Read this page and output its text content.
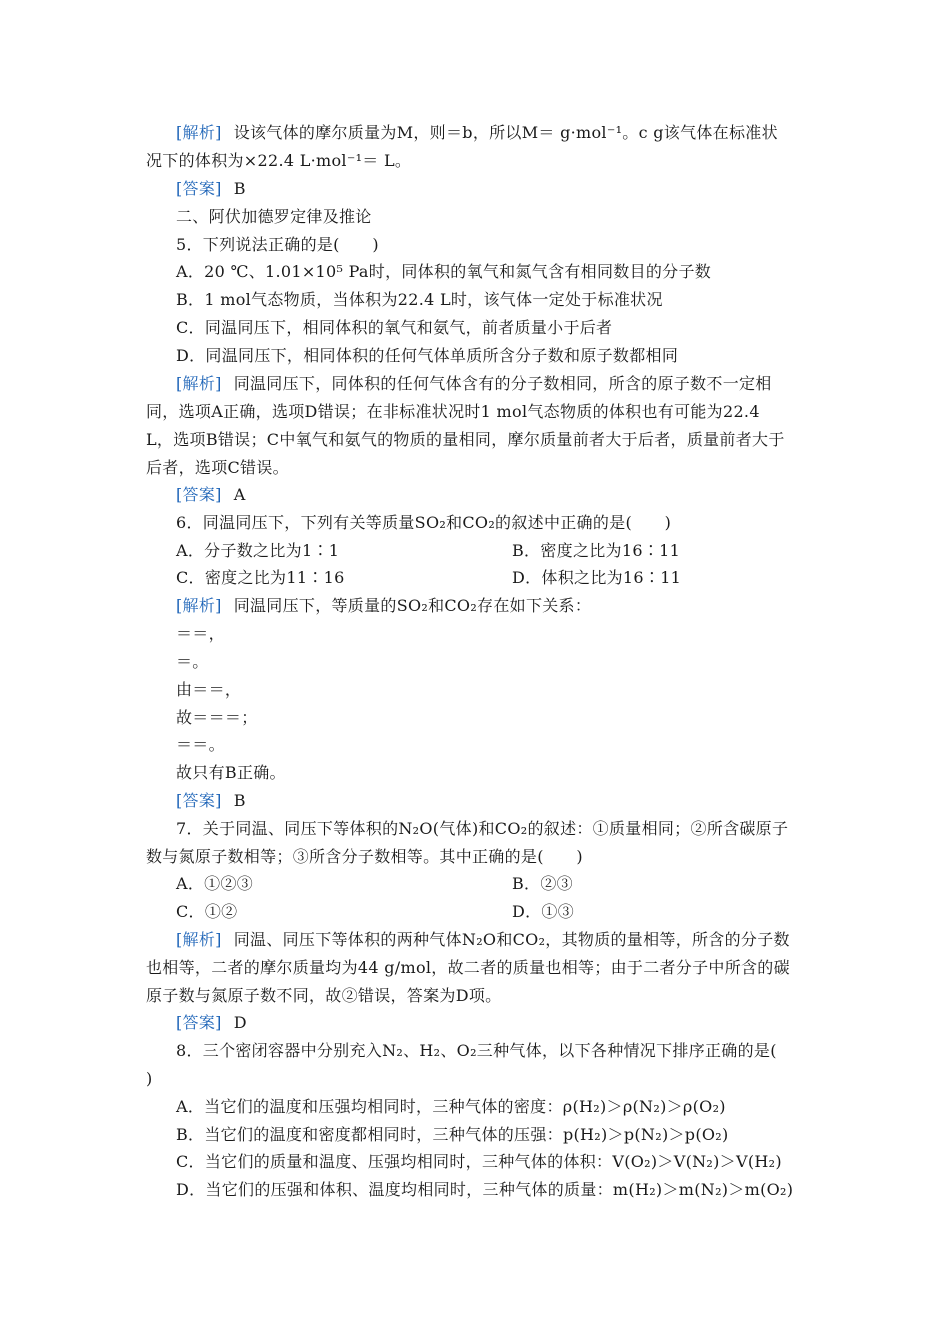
[解析] 设该气体的摩尔质量为M，则＝b，所以M＝ g·mol⁻¹。c g该气体在标准状
况下的体积为×22.4 L·mol⁻¹＝ L。
[答案] B
二、阿伏加德罗定律及推论
5．下列说法正确的是(　　)
A．20 ℃、1.01×10⁵ Pa时，同体积的氧气和氮气含有相同数目的分子数
B．1 mol气态物质，当体积为22.4 L时，该气体一定处于标准状况
C．同温同压下，相同体积的氧气和氨气，前者质量小于后者
D．同温同压下，相同体积的任何气体单质所含分子数和原子数都相同
[解析] 同温同压下，同体积的任何气体含有的分子数相同，所含的原子数不一定相
同，选项A正确，选项D错误；在非标准状况时1 mol气态物质的体积也有可能为22.4
L，选项B错误；C中氧气和氨气的物质的量相同，摩尔质量前者大于后者，质量前者大于
后者，选项C错误。
[答案] A
6．同温同压下，下列有关等质量SO₂和CO₂的叙述中正确的是(　　)
A．分子数之比为1∶1	B．密度之比为16∶11
C．密度之比为11∶16	D．体积之比为16∶11
[解析] 同温同压下，等质量的SO₂和CO₂存在如下关系：
＝＝，
＝。
由＝＝，
故＝＝＝；
＝＝。
故只有B正确。
[答案] B
7．关于同温、同压下等体积的N₂O(气体)和CO₂的叙述：①质量相同；②所含碳原子
数与氮原子数相等；③所含分子数相等。其中正确的是(　　)
A．①②③	B．②③
C．①②	D．①③
[解析] 同温、同压下等体积的两种气体N₂O和CO₂，其物质的量相等，所含的分子数
也相等，二者的摩尔质量均为44 g/mol，故二者的质量也相等；由于二者分子中所含的碳
原子数与氮原子数不同，故②错误，答案为D项。
[答案] D
8．三个密闭容器中分别充入N₂、H₂、O₂三种气体，以下各种情况下排序正确的是(
)
A．当它们的温度和压强均相同时，三种气体的密度：ρ(H₂)＞ρ(N₂)＞ρ(O₂)
B．当它们的温度和密度都相同时，三种气体的压强：p(H₂)＞p(N₂)＞p(O₂)
C．当它们的质量和温度、压强均相同时，三种气体的体积：V(O₂)＞V(N₂)＞V(H₂)
D．当它们的压强和体积、温度均相同时，三种气体的质量：m(H₂)＞m(N₂)＞m(O₂)
